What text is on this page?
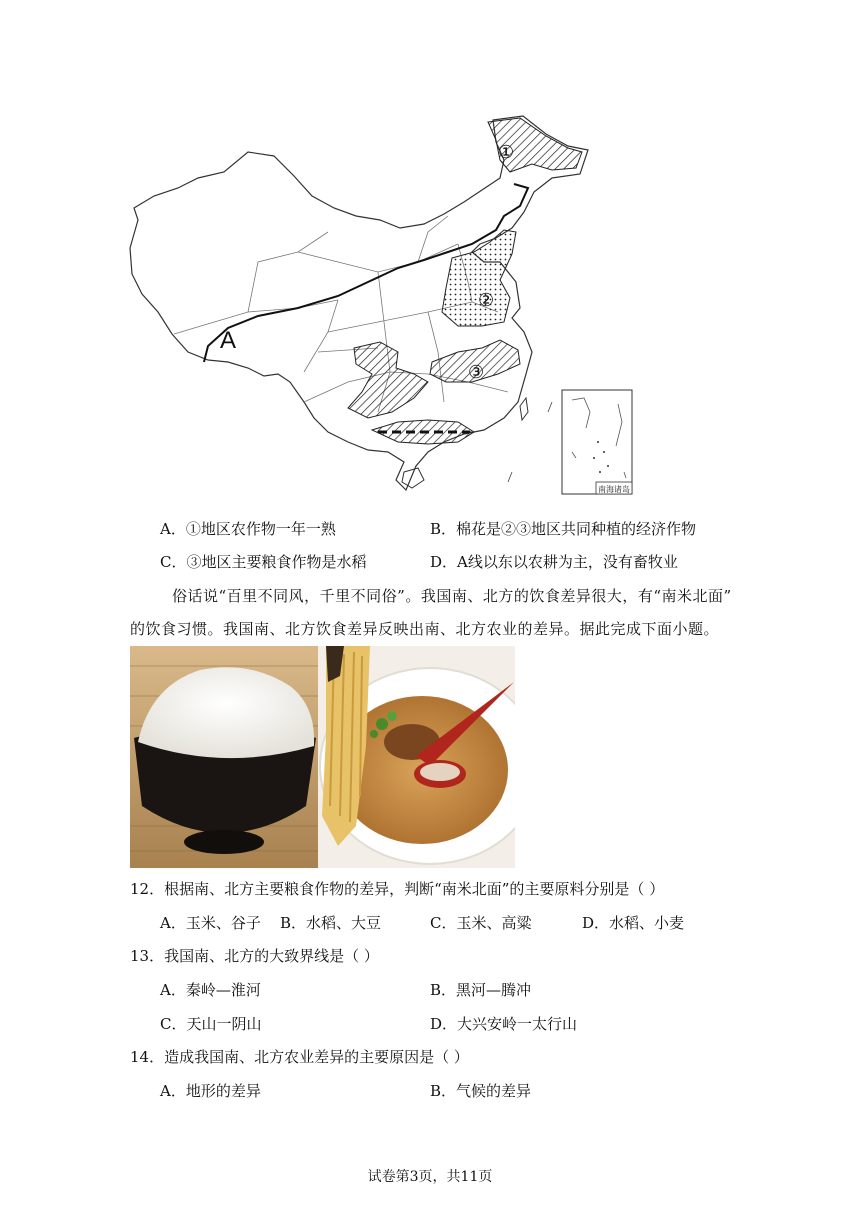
①
②
③
A
南海诸岛
A．①地区农作物一年一熟	B．棉花是②③地区共同种植的经济作物
C．③地区主要粮食作物是水稻	D．A线以东以农耕为主，没有畜牧业
俗话说“百里不同风，千里不同俗”。我国南、北方的饮食差异很大，有“南米北面”
的饮食习惯。我国南、北方饮食差异反映出南、北方农业的差异。据此完成下面小题。
12．根据南、北方主要粮食作物的差异，判断“南米北面”的主要原料分别是（ ）
A．玉米、谷子 B．水稻、大豆	C．玉米、高粱	D．水稻、小麦
13．我国南、北方的大致界线是（ ）
A．秦岭—淮河	B．黑河—腾冲
C．天山一阴山	D．大兴安岭一太行山
14．造成我国南、北方农业差异的主要原因是（ ）
A．地形的差异	B．气候的差异
试卷第3页，共11页
